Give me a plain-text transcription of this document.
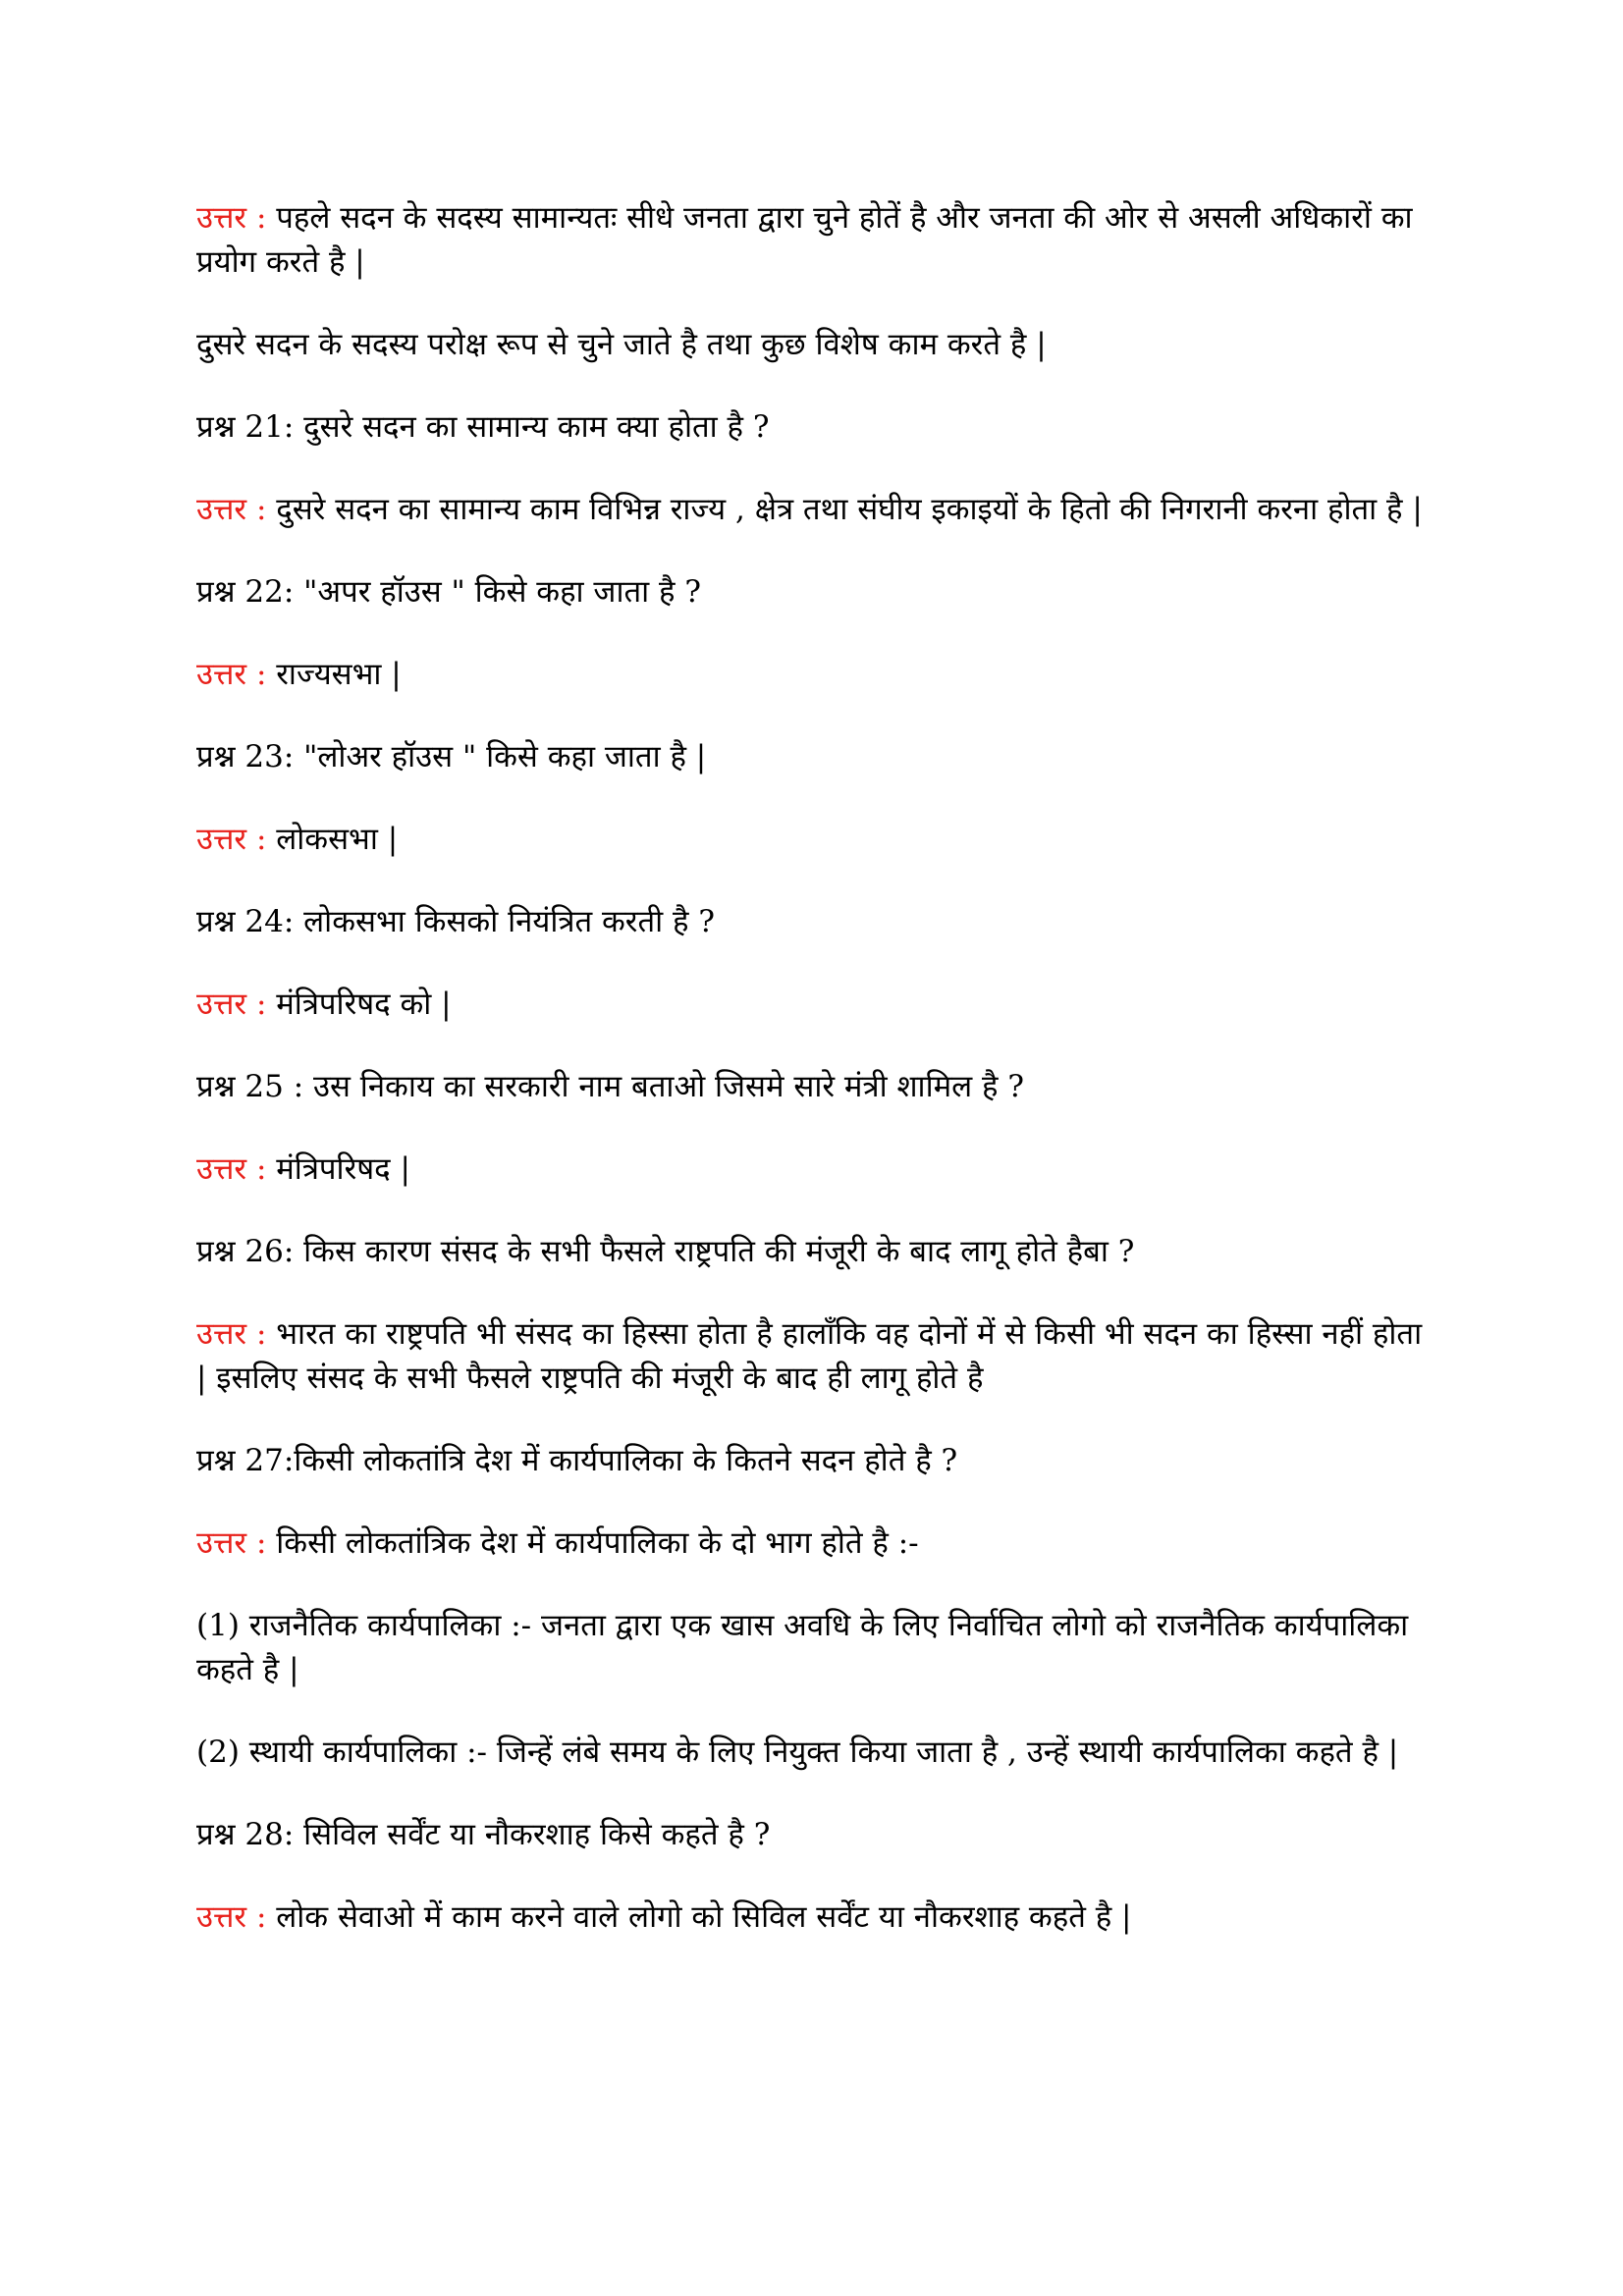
उत्तर : पहले सदन के सदस्य सामान्यतः सीधे जनता द्वारा चुने होतें है और जनता की ओर से असली अधिकारों का प्रयोग करते है |

दुसरे सदन के सदस्य परोक्ष रूप से चुने जाते है तथा कुछ विशेष काम करते है |

प्रश्न 21: दुसरे सदन का सामान्य काम क्या होता है ?

उत्तर : दुसरे सदन का सामान्य काम विभिन्न राज्य , क्षेत्र तथा संघीय इकाइयों के हितो की निगरानी करना होता है |

प्रश्न 22: "अपर हॉउस " किसे कहा जाता है ?

उत्तर : राज्यसभा |

प्रश्न 23: "लोअर हॉउस " किसे कहा जाता है |

उत्तर : लोकसभा |

प्रश्न 24: लोकसभा किसको नियंत्रित करती है ?

उत्तर : मंत्रिपरिषद को |

प्रश्न 25 : उस निकाय का सरकारी नाम बताओ जिसमे सारे मंत्री शामिल है ?

उत्तर : मंत्रिपरिषद |

प्रश्न 26: किस कारण संसद के सभी फैसले राष्ट्रपति की मंजूरी के बाद लागू होते हैबा ?

उत्तर : भारत का राष्ट्रपति भी संसद का हिस्सा होता है हालाँकि वह दोनों में से किसी भी सदन का हिस्सा नहीं होता | इसलिए संसद के सभी फैसले राष्ट्रपति की मंजूरी के बाद ही लागू होते है

प्रश्न 27:किसी लोकतांत्रि देश में कार्यपालिका के कितने सदन होते है ?

उत्तर : किसी लोकतांत्रिक देश में कार्यपालिका के दो भाग होते है :-

(1) राजनैतिक कार्यपालिका :- जनता द्वारा एक खास अवधि के लिए निर्वाचित लोगो को राजनैतिक कार्यपालिका कहते है |

(2) स्थायी कार्यपालिका :- जिन्हें लंबे समय के लिए नियुक्त किया जाता है , उन्हें स्थायी कार्यपालिका कहते है |

प्रश्न 28: सिविल सर्वेंट या नौकरशाह किसे कहते है ?

उत्तर : लोक सेवाओ में काम करने वाले लोगो को सिविल सर्वेंट या नौकरशाह कहते है |
